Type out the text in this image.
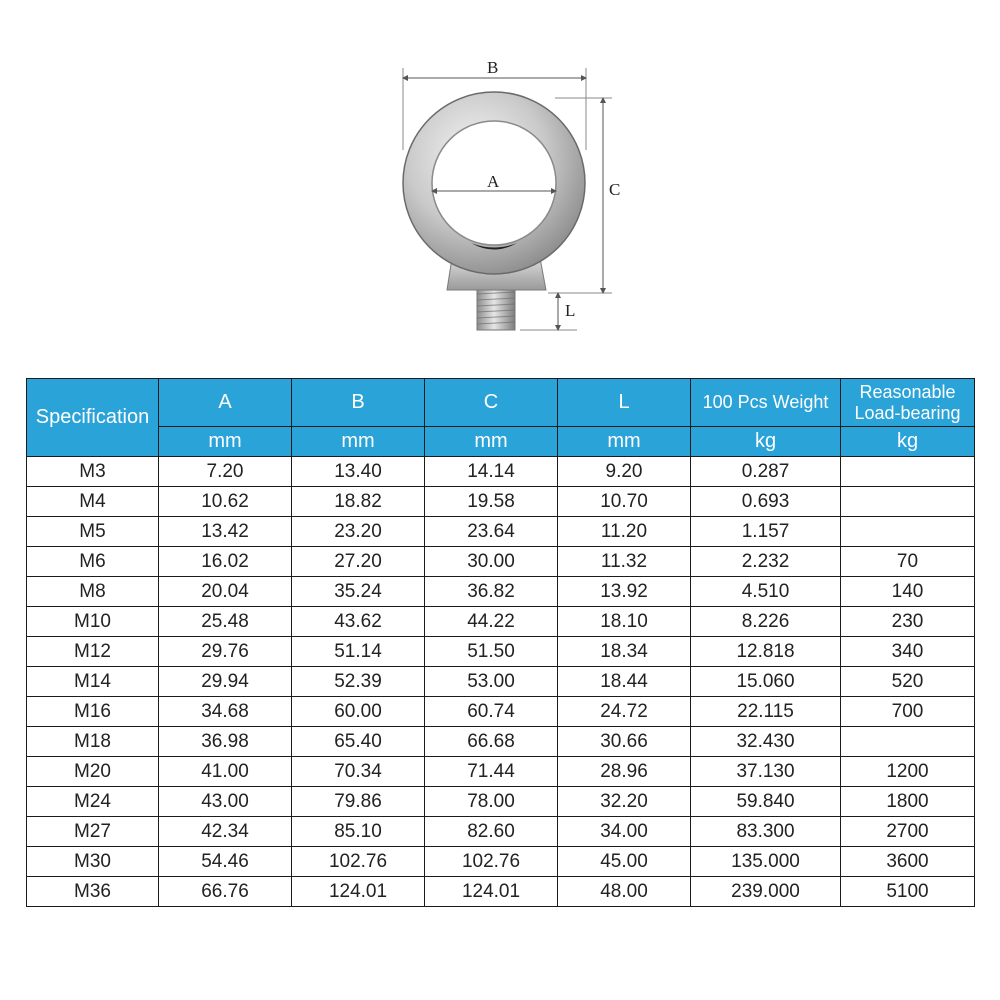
B
C
L
A
Specification	A	B	C	L	100 Pcs Weight	Reasonable Load-bearing
	mm	mm	mm	mm	kg	kg
M3	7.20	13.40	14.14	9.20	0.287	
M4	10.62	18.82	19.58	10.70	0.693	
M5	13.42	23.20	23.64	11.20	1.157	
M6	16.02	27.20	30.00	11.32	2.232	70
M8	20.04	35.24	36.82	13.92	4.510	140
M10	25.48	43.62	44.22	18.10	8.226	230
M12	29.76	51.14	51.50	18.34	12.818	340
M14	29.94	52.39	53.00	18.44	15.060	520
M16	34.68	60.00	60.74	24.72	22.115	700
M18	36.98	65.40	66.68	30.66	32.430	
M20	41.00	70.34	71.44	28.96	37.130	1200
M24	43.00	79.86	78.00	32.20	59.840	1800
M27	42.34	85.10	82.60	34.00	83.300	2700
M30	54.46	102.76	102.76	45.00	135.000	3600
M36	66.76	124.01	124.01	48.00	239.000	5100
